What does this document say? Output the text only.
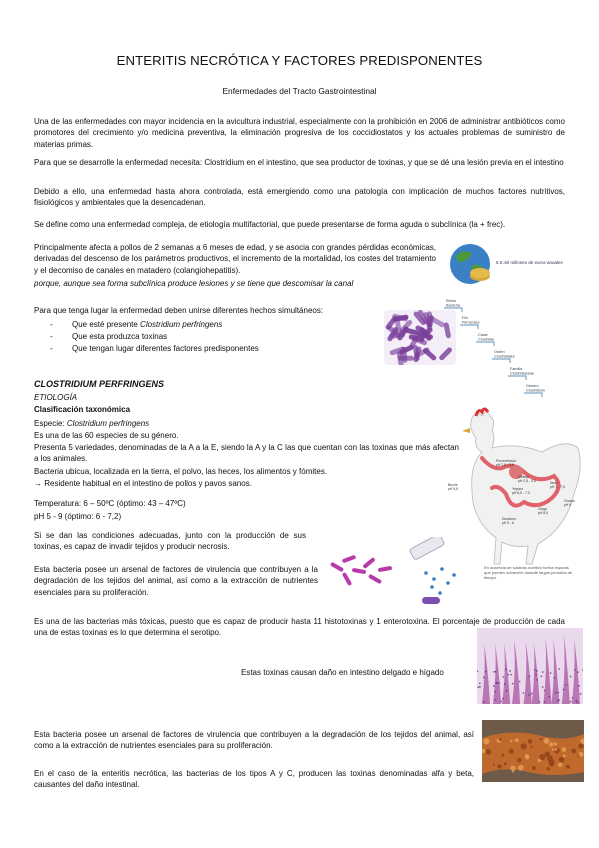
ENTERITIS NECRÓTICA Y FACTORES PREDISPONENTES
Enfermedades del Tracto Gastrointestinal
Una de las enfermedades con mayor incidencia en la avicultura industrial, especialmente con la prohibición en 2006 de administrar antibióticos como promotores del crecimiento y/o medicina preventiva, la eliminación progresiva de los coccidiostatos y los actuales problemas de suministro de materias primas.
Para que se desarrolle la enfermedad necesita: Clostridium en el intestino, que sea productor de toxinas, y que se dé una lesión previa en el intestino
Debido a ello, una enfermedad hasta ahora controlada, está emergiendo como una patología con implicación de muchos factores nutritivos, fisiológicos y ambientales que la desencadenan.
Se define como una enfermedad compleja, de etiología multifactorial, que puede presentarse de forma aguda o subclínica (la + frec).
Principalmente afecta a pollos de 2 semanas a 6 meses de edad, y se asocia con grandes pérdidas económicas, derivadas del descenso de los parámetros productivos, el incremento de la mortalidad, los costes del tratamiento y el decomiso de canales en matadero (colangiohepatitis).
porque, aunque sea forma subclínica produce lesiones y se tiene que descomisar la canal
Para que tenga lugar la enfermedad deben unirse diferentes hechos simultáneos:
- Que esté presente Clostridium perfringens
- Que esta produzca toxinas
- Que tengan lugar diferentes factores predisponentes
5,5 mil millones de euros anuales
Reino Bacteria
Filo Firmicutes
Clase Clostridia
Orden Clostridiales
Familia Clostridiaceae
Género Clostridium
CLOSTRIDIUM PERFRINGENS
ETIOLOGÍA
Clasificación taxonómica
Especie: Clostridium perfringens
Es una de las 60 especies de su género.
Presenta 5 variedades, denominadas de la A a la E, siendo la A y la C las que cuentan con las toxinas que más afectan a los animales.
Bacteria ubicua, localizada en la tierra, el polvo, las heces, los alimentos y fómites.
→ Residente habitual en el intestino de pollos y pavos sanos.
Temperatura: 6 – 50ºC (óptimo: 43 – 47ºC)
pH 5 - 9 (óptimo: 6 - 7,2)
Si se dan las condiciones adecuadas, junto con la producción de sus toxinas, es capaz de invadir tejidos y producir necrosis.
Esta bacteria posee un arsenal de factores de virulencia que contribuyen a la degradación de los tejidos del animal, así como a la extracción de nutrientes esenciales para su proliferación.
Proventrículo pH 2,5 - 3,5
Molleja pH 2,5 - 3,5
Buche pH 5,5	Yeyuno pH 6,5 - 7,0
Ileon pH 7 - 7,5
Duodeno pH 5 - 6
Ciego pH 8,0
Cloaca pH 8
En ausencia de sustrato nutritivo forma esporas que pueden sobrevivir durante largos periodos de tiempo.
Es una de las bacterias más tóxicas, puesto que es capaz de producir hasta 11 histotoxinas y 1 enterotoxina. El porcentaje de producción de cada una de estas toxinas es lo que determina el serotipo.
Estas toxinas causan daño en intestino delgado e hígado
Esta bacteria posee un arsenal de factores de virulencia que contribuyen a la degradación de los tejidos del animal, así como a la extracción de nutrientes esenciales para su proliferación.
En el caso de la enteritis necrótica, las bacterias de los tipos A y C, producen las toxinas denominadas alfa y beta, causantes del daño intestinal.
